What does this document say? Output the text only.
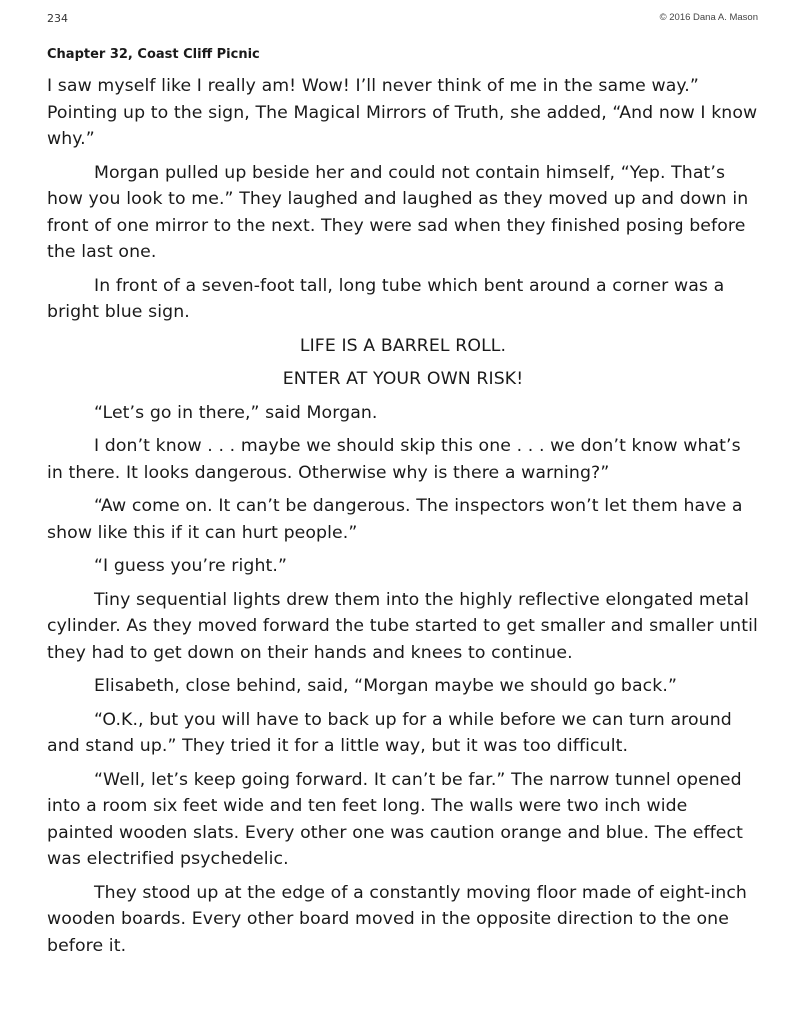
234	© 2016 Dana A. Mason
Chapter 32, Coast Cliff Picnic

I saw myself like I really am! Wow! I’ll never think of me in the same way.” Pointing up to the sign, The Magical Mirrors of Truth, she added, “And now I know why.”

Morgan pulled up beside her and could not contain himself, “Yep. That’s how you look to me.” They laughed and laughed as they moved up and down in front of one mirror to the next. They were sad when they finished posing before the last one.

In front of a seven-foot tall, long tube which bent around a corner was a bright blue sign.

LIFE IS A BARREL ROLL.

ENTER AT YOUR OWN RISK!

“Let’s go in there,” said Morgan.

I don’t know . . . maybe we should skip this one . . . we don’t know what’s in there. It looks dangerous. Otherwise why is there a warning?”

“Aw come on. It can’t be dangerous. The inspectors won’t let them have a show like this if it can hurt people.”

“I guess you’re right.”

Tiny sequential lights drew them into the highly reflective elongated metal cylinder. As they moved forward the tube started to get smaller and smaller until they had to get down on their hands and knees to continue.

Elisabeth, close behind, said, “Morgan maybe we should go back.”

“O.K., but you will have to back up for a while before we can turn around and stand up.” They tried it for a little way, but it was too difficult.

“Well, let’s keep going forward. It can’t be far.” The narrow tunnel opened into a room six feet wide and ten feet long. The walls were two inch wide painted wooden slats. Every other one was caution orange and blue. The effect was electrified psychedelic.

They stood up at the edge of a constantly moving floor made of eight-inch wooden boards. Every other board moved in the opposite direction to the one before it.
